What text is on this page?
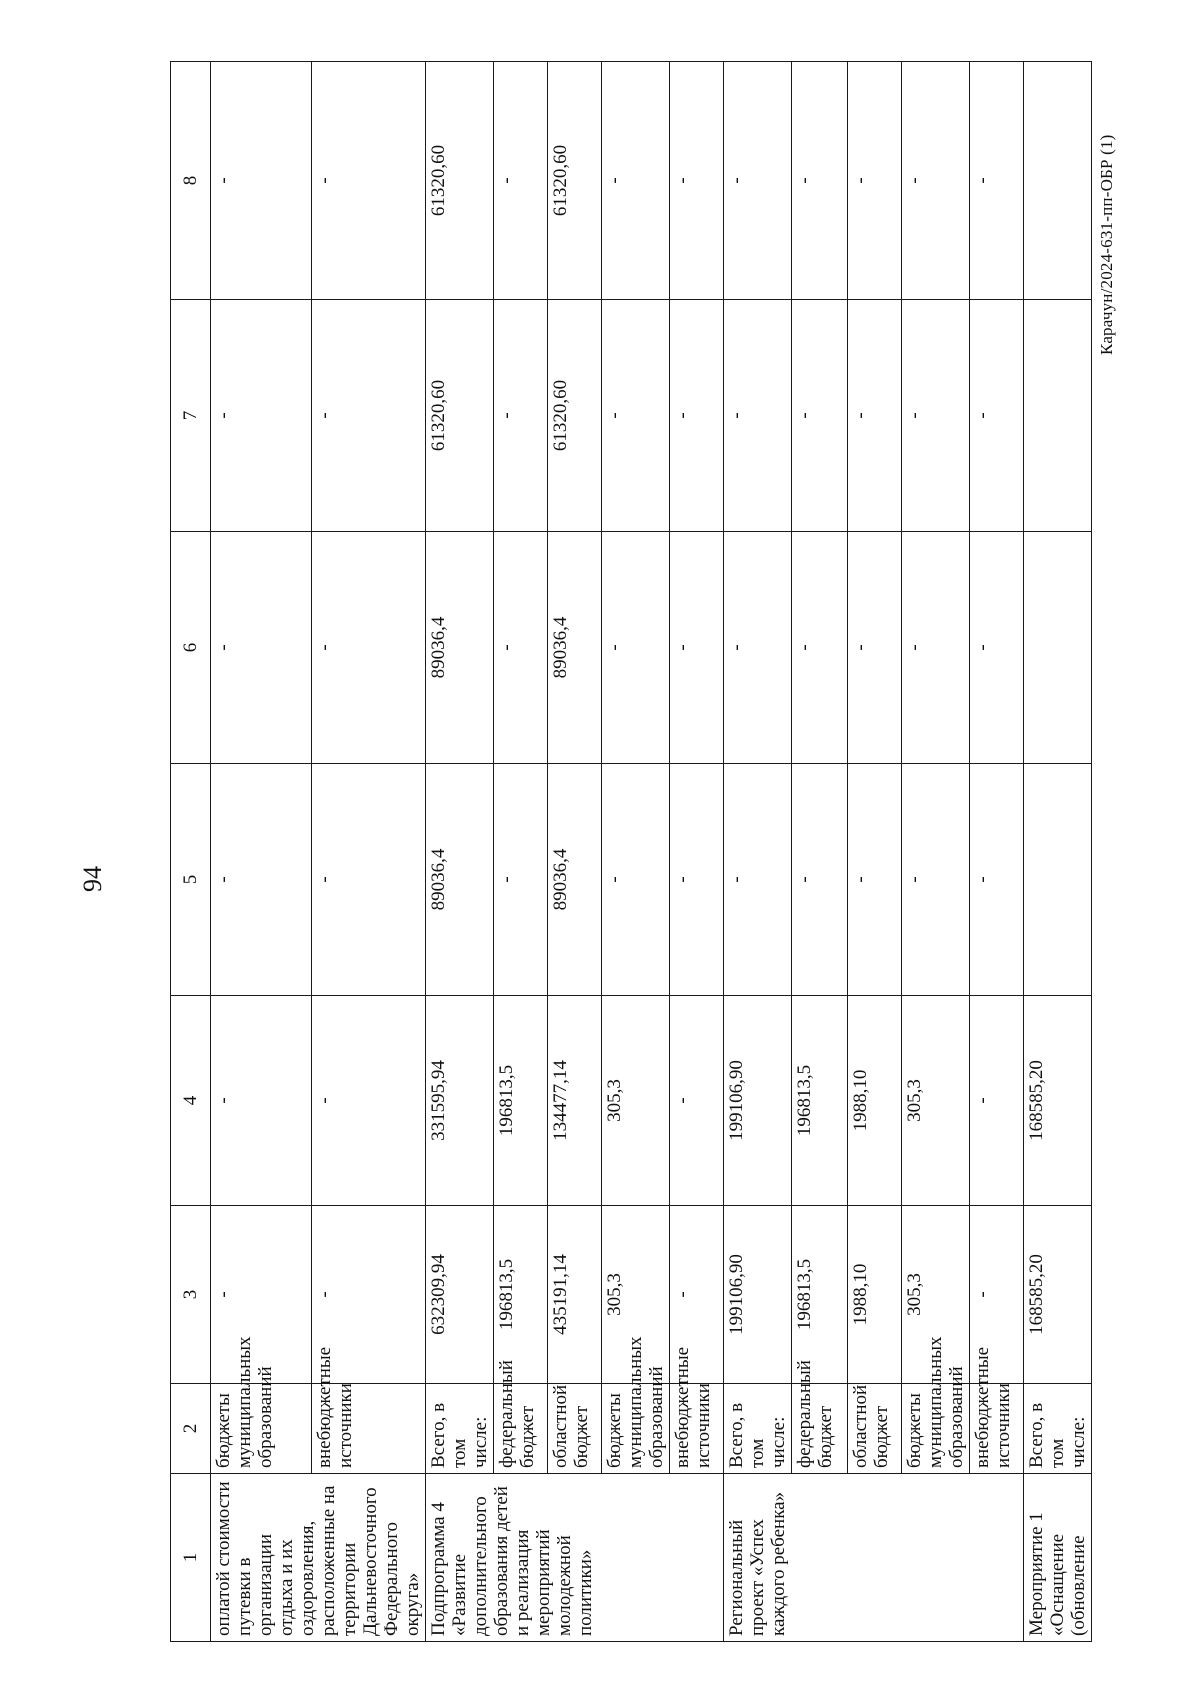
94
1	2	3	4	5	6	7	8
оплатой стоимости путевки в организации отдыха и их оздоровления, расположенные на территории Дальневосточного Федерального округа»	бюджеты муниципальных образований	-	-	-	-	-	-
	внебюджетные источники	-	-	-	-	-	-
Подпрограмма 4 «Развитие дополнительного образования детей и реализация мероприятий молодежной политики»	Всего, в том числе:	632309,94	331595,94	89036,4	89036,4	61320,60	61320,60
	федеральный бюджет	196813,5	196813,5	-	-	-	-
	областной бюджет	435191,14	134477,14	89036,4	89036,4	61320,60	61320,60
	бюджеты муниципальных образований	305,3	305,3	-	-	-	-
	внебюджетные источники	-	-	-	-	-	-
Региональный проект «Успех каждого ребенка»	Всего, в том числе:	199106,90	199106,90	-	-	-	-
	федеральный бюджет	196813,5	196813,5	-	-	-	-
	областной бюджет	1988,10	1988,10	-	-	-	-
	бюджеты муниципальных образований	305,3	305,3	-	-	-	-
	внебюджетные источники	-	-	-	-	-	-
Мероприятие 1 «Оснащение (обновление	Всего, в том числе:	168585,20	168585,20				
Карачун/2024-631-пп-ОБР (1)
